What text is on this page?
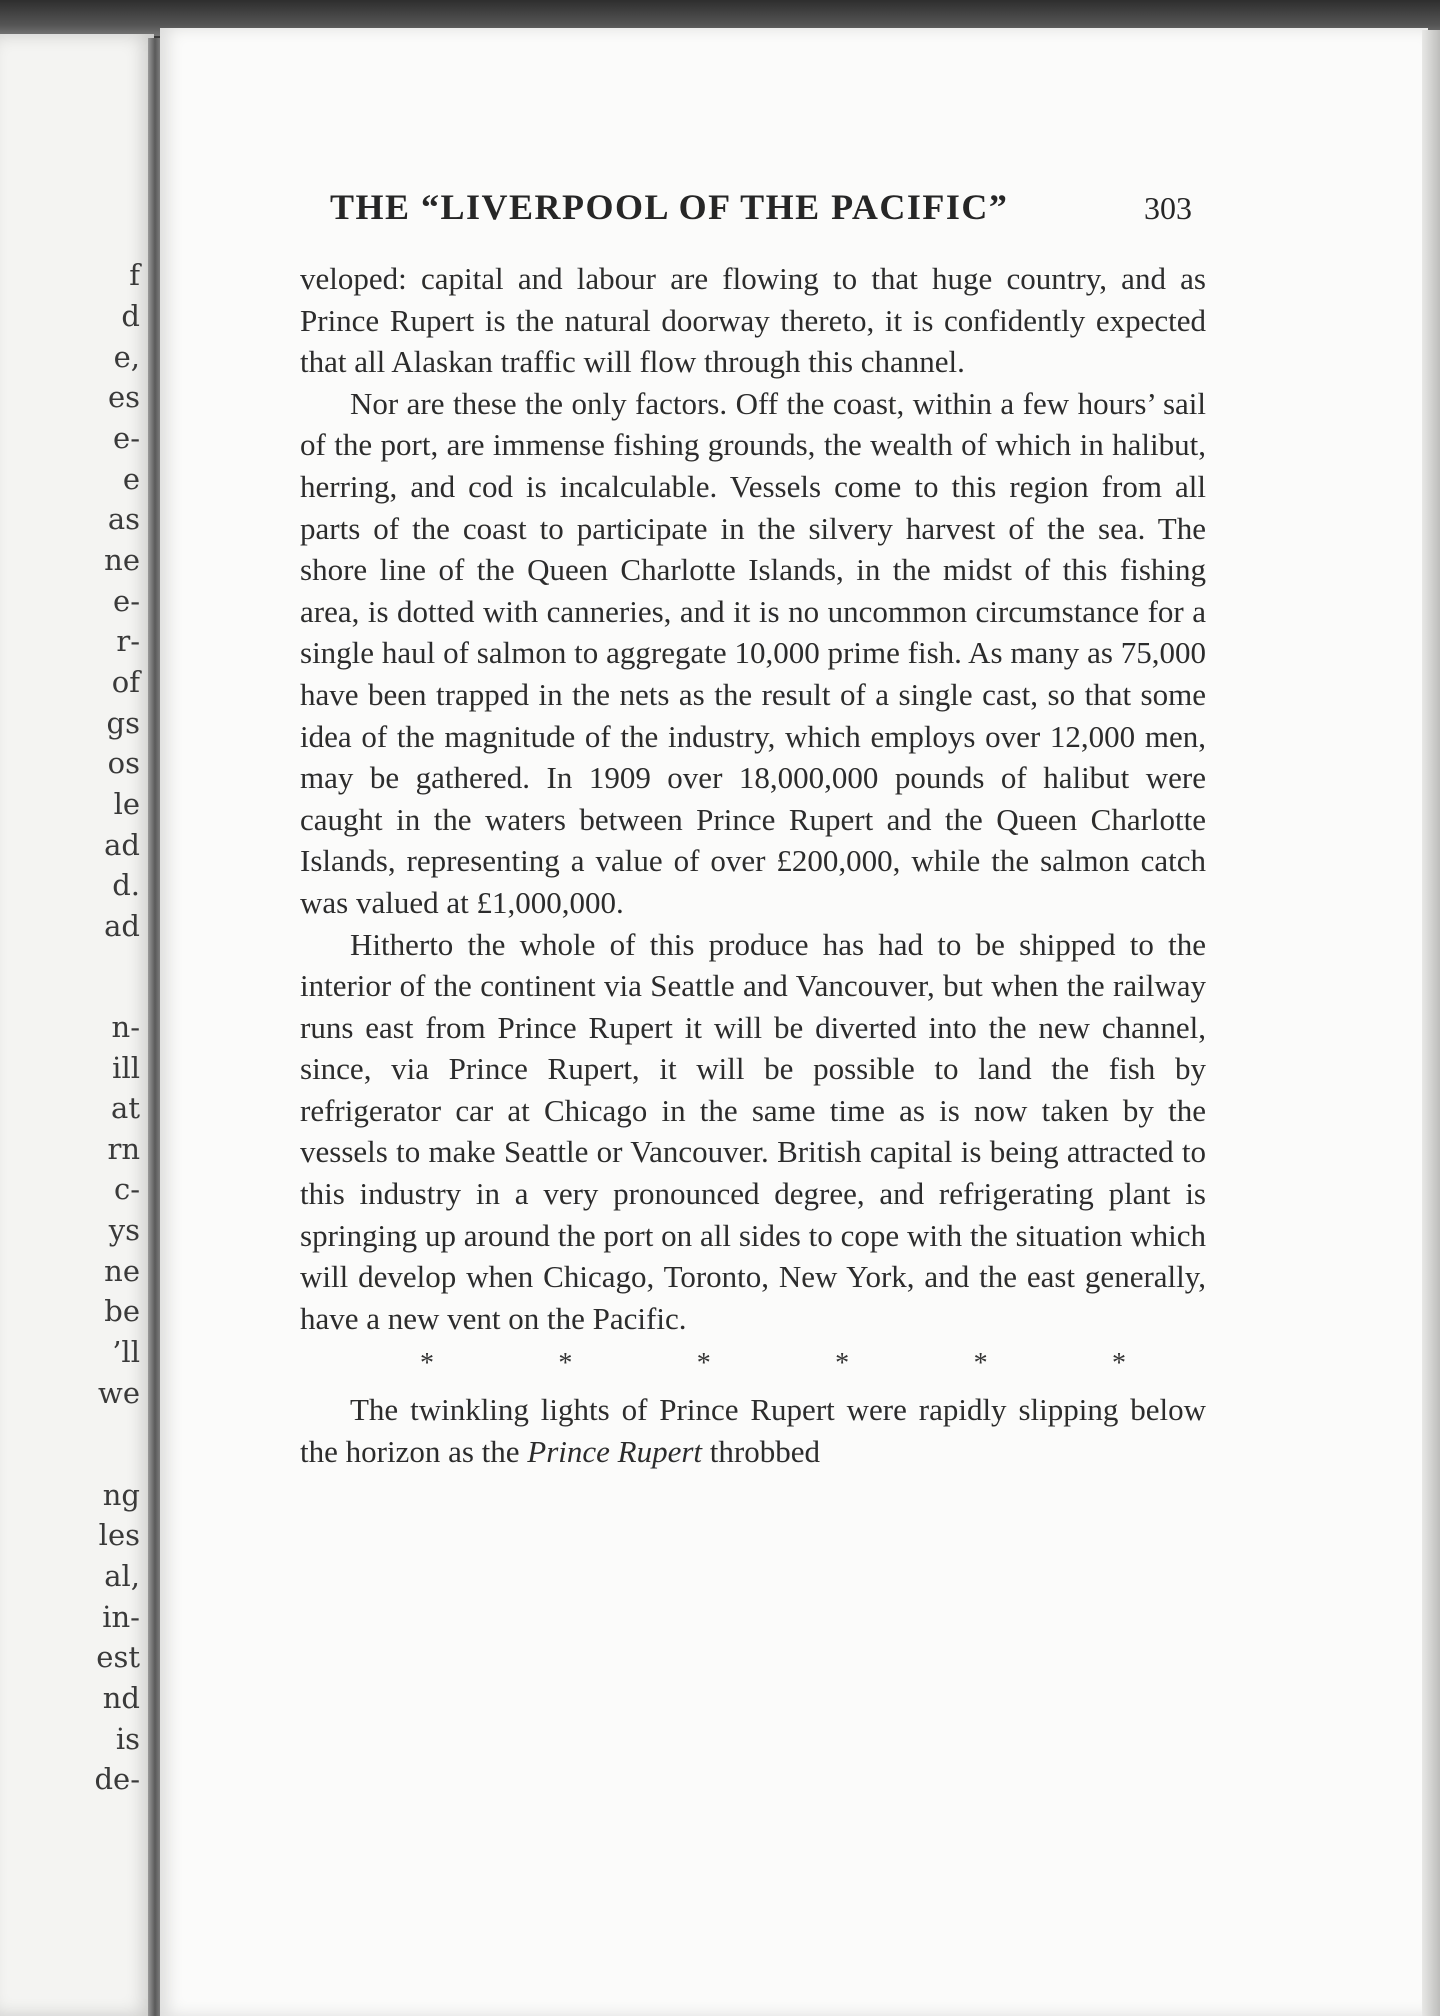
f
d
e,
es
e-
e
as
ne
e-
r-
of
gs
os
le
ad
d.
ad
n-
ill
at
rn
c-
ys
ne
be
’ll
we
ng
les
al,
in-
est
nd
is
de-
THE “LIVERPOOL OF THE PACIFIC”	303

veloped: capital and labour are flowing to that huge country, and as Prince Rupert is the natural doorway thereto, it is confidently expected that all Alaskan traffic will flow through this channel.

Nor are these the only factors. Off the coast, within a few hours’ sail of the port, are immense fishing grounds, the wealth of which in halibut, herring, and cod is incalculable. Vessels come to this region from all parts of the coast to participate in the silvery harvest of the sea. The shore line of the Queen Charlotte Islands, in the midst of this fishing area, is dotted with canneries, and it is no uncommon circumstance for a single haul of salmon to aggregate 10,000 prime fish. As many as 75,000 have been trapped in the nets as the result of a single cast, so that some idea of the magnitude of the industry, which employs over 12,000 men, may be gathered. In 1909 over 18,000,000 pounds of halibut were caught in the waters between Prince Rupert and the Queen Charlotte Islands, representing a value of over £200,000, while the salmon catch was valued at £1,000,000.

Hitherto the whole of this produce has had to be shipped to the interior of the continent via Seattle and Vancouver, but when the railway runs east from Prince Rupert it will be diverted into the new channel, since, via Prince Rupert, it will be possible to land the fish by refrigerator car at Chicago in the same time as is now taken by the vessels to make Seattle or Vancouver. British capital is being attracted to this industry in a very pronounced degree, and refrigerating plant is springing up around the port on all sides to cope with the situation which will develop when Chicago, Toronto, New York, and the east generally, have a new vent on the Pacific.

*	*	*	*	*	*

The twinkling lights of Prince Rupert were rapidly slipping below the horizon as the Prince Rupert throbbed
